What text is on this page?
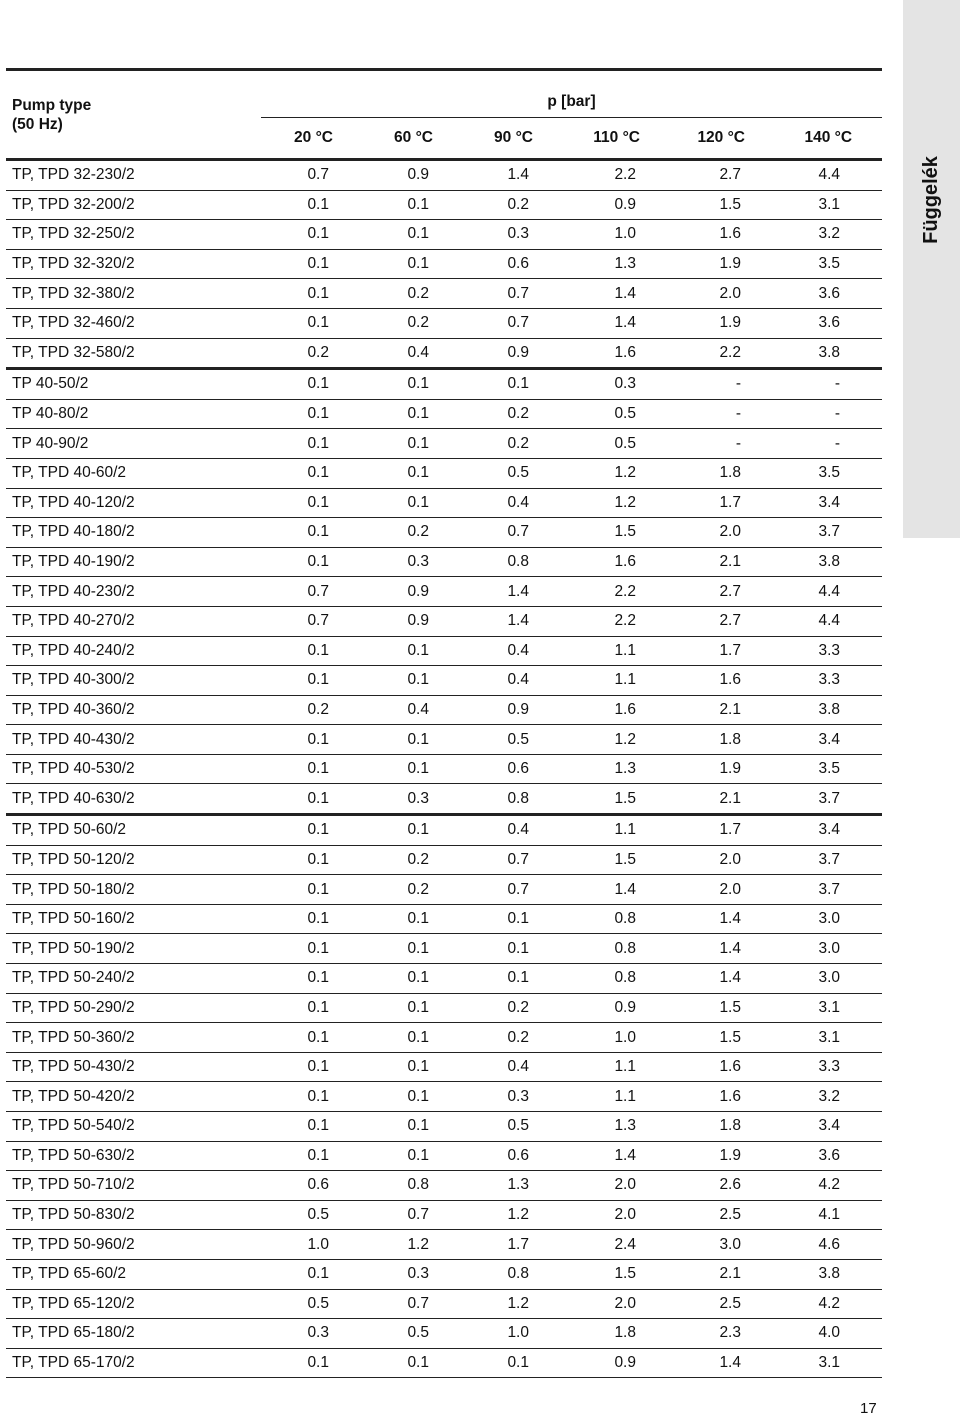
Függelék
Pump type
(50 Hz)	p [bar]					
	20 °C	60 °C	90 °C	110 °C	120 °C	140 °C
TP, TPD 32-230/2	0.7	0.9	1.4	2.2	2.7	4.4
TP, TPD 32-200/2	0.1	0.1	0.2	0.9	1.5	3.1
TP, TPD 32-250/2	0.1	0.1	0.3	1.0	1.6	3.2
TP, TPD 32-320/2	0.1	0.1	0.6	1.3	1.9	3.5
TP, TPD 32-380/2	0.1	0.2	0.7	1.4	2.0	3.6
TP, TPD 32-460/2	0.1	0.2	0.7	1.4	1.9	3.6
TP, TPD 32-580/2	0.2	0.4	0.9	1.6	2.2	3.8
TP 40-50/2	0.1	0.1	0.1	0.3	-	-
TP 40-80/2	0.1	0.1	0.2	0.5	-	-
TP 40-90/2	0.1	0.1	0.2	0.5	-	-
TP, TPD 40-60/2	0.1	0.1	0.5	1.2	1.8	3.5
TP, TPD 40-120/2	0.1	0.1	0.4	1.2	1.7	3.4
TP, TPD 40-180/2	0.1	0.2	0.7	1.5	2.0	3.7
TP, TPD 40-190/2	0.1	0.3	0.8	1.6	2.1	3.8
TP, TPD 40-230/2	0.7	0.9	1.4	2.2	2.7	4.4
TP, TPD 40-270/2	0.7	0.9	1.4	2.2	2.7	4.4
TP, TPD 40-240/2	0.1	0.1	0.4	1.1	1.7	3.3
TP, TPD 40-300/2	0.1	0.1	0.4	1.1	1.6	3.3
TP, TPD 40-360/2	0.2	0.4	0.9	1.6	2.1	3.8
TP, TPD 40-430/2	0.1	0.1	0.5	1.2	1.8	3.4
TP, TPD 40-530/2	0.1	0.1	0.6	1.3	1.9	3.5
TP, TPD 40-630/2	0.1	0.3	0.8	1.5	2.1	3.7
TP, TPD 50-60/2	0.1	0.1	0.4	1.1	1.7	3.4
TP, TPD 50-120/2	0.1	0.2	0.7	1.5	2.0	3.7
TP, TPD 50-180/2	0.1	0.2	0.7	1.4	2.0	3.7
TP, TPD 50-160/2	0.1	0.1	0.1	0.8	1.4	3.0
TP, TPD 50-190/2	0.1	0.1	0.1	0.8	1.4	3.0
TP, TPD 50-240/2	0.1	0.1	0.1	0.8	1.4	3.0
TP, TPD 50-290/2	0.1	0.1	0.2	0.9	1.5	3.1
TP, TPD 50-360/2	0.1	0.1	0.2	1.0	1.5	3.1
TP, TPD 50-430/2	0.1	0.1	0.4	1.1	1.6	3.3
TP, TPD 50-420/2	0.1	0.1	0.3	1.1	1.6	3.2
TP, TPD 50-540/2	0.1	0.1	0.5	1.3	1.8	3.4
TP, TPD 50-630/2	0.1	0.1	0.6	1.4	1.9	3.6
TP, TPD 50-710/2	0.6	0.8	1.3	2.0	2.6	4.2
TP, TPD 50-830/2	0.5	0.7	1.2	2.0	2.5	4.1
TP, TPD 50-960/2	1.0	1.2	1.7	2.4	3.0	4.6
TP, TPD 65-60/2	0.1	0.3	0.8	1.5	2.1	3.8
TP, TPD 65-120/2	0.5	0.7	1.2	2.0	2.5	4.2
TP, TPD 65-180/2	0.3	0.5	1.0	1.8	2.3	4.0
TP, TPD 65-170/2	0.1	0.1	0.1	0.9	1.4	3.1
17
